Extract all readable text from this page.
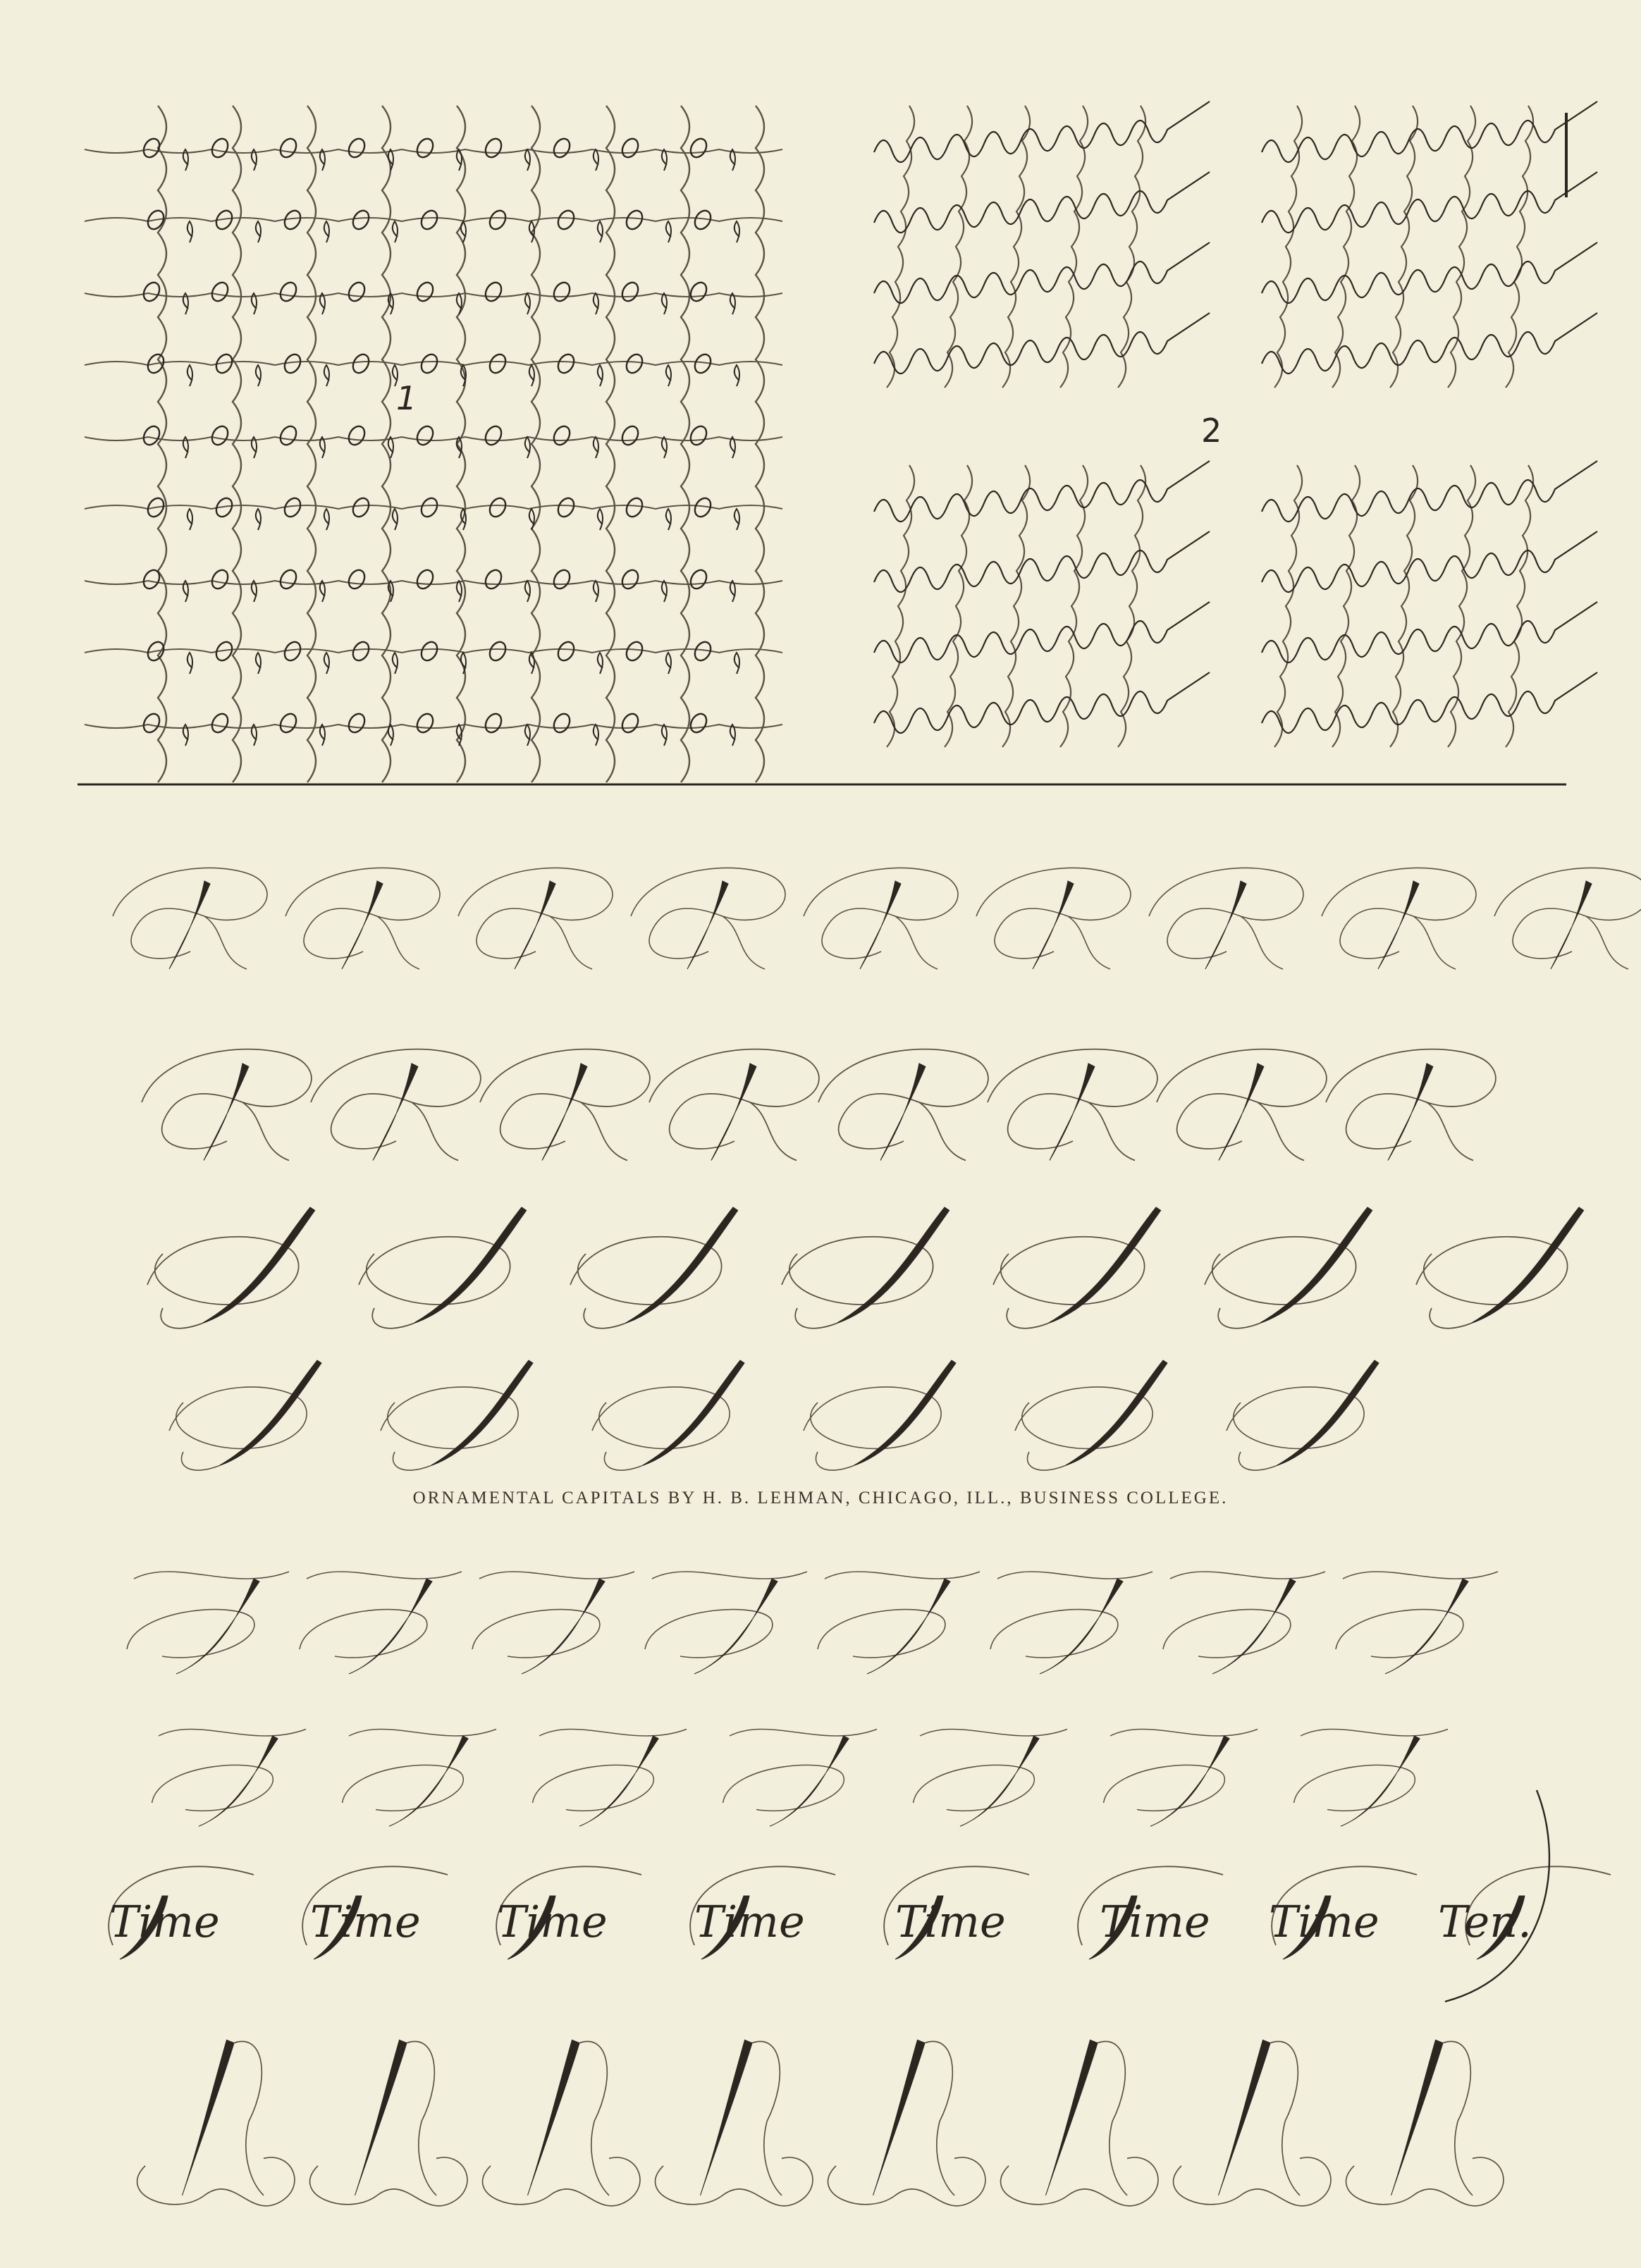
1
2
ORNAMENTAL CAPITALS BY H. B. LEHMAN, CHICAGO, ILL., BUSINESS COLLEGE.
Time Time Time Time Time Time Time Ten.
